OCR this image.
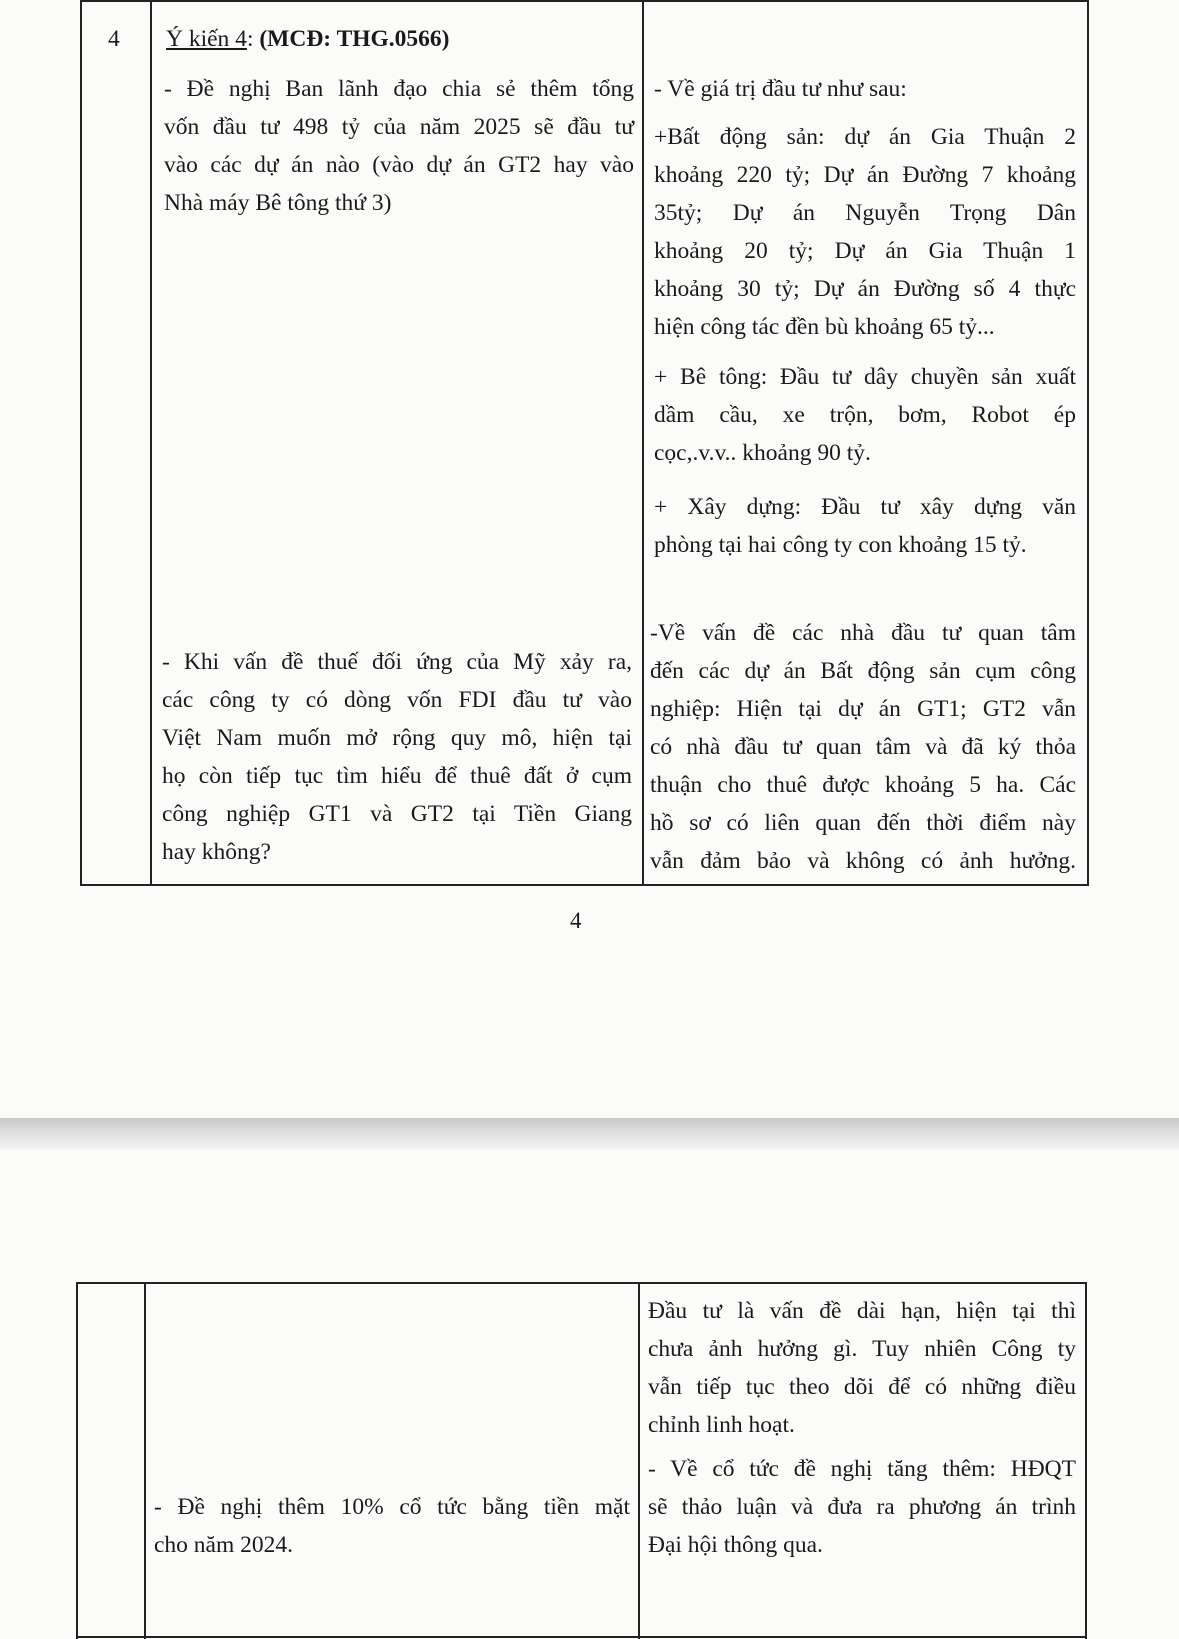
4 Ý kiến 4: (MCĐ: THG.0566)

- Đề nghị Ban lãnh đạo chia sẻ thêm tổng

vốn đầu tư 498 tỷ của năm 2025 sẽ đầu tư

vào các dự án nào (vào dự án GT2 hay vào

Nhà máy Bê tông thứ 3)

- Về giá trị đầu tư như sau:

+Bất động sản: dự án Gia Thuận 2

khoảng 220 tỷ; Dự án Đường 7 khoảng

35tỷ; Dự án Nguyễn Trọng Dân

khoảng 20 tỷ; Dự án Gia Thuận 1

khoảng 30 tỷ; Dự án Đường số 4 thực

hiện công tác đền bù khoảng 65 tỷ...

+ Bê tông: Đầu tư dây chuyền sản xuất

dầm cầu, xe trộn, bơm, Robot ép

cọc,.v.v.. khoảng 90 tỷ.

+ Xây dựng: Đầu tư xây dựng văn

phòng tại hai công ty con khoảng 15 tỷ.

- Khi vấn đề thuế đối ứng của Mỹ xảy ra,

các công ty có dòng vốn FDI đầu tư vào

Việt Nam muốn mở rộng quy mô, hiện tại

họ còn tiếp tục tìm hiểu để thuê đất ở cụm

công nghiệp GT1 và GT2 tại Tiền Giang

hay không?

-Về vấn đề các nhà đầu tư quan tâm

đến các dự án Bất động sản cụm công

nghiệp: Hiện tại dự án GT1; GT2 vẫn

có nhà đầu tư quan tâm và đã ký thỏa

thuận cho thuê được khoảng 5 ha. Các

hồ sơ có liên quan đến thời điểm này

vẫn đảm bảo và không có ảnh hưởng.

4

Đầu tư là vấn đề dài hạn, hiện tại thì

chưa ảnh hưởng gì. Tuy nhiên Công ty

vẫn tiếp tục theo dõi để có những điều

chỉnh linh hoạt.

- Đề nghị thêm 10% cổ tức bằng tiền mặt

cho năm 2024.

- Về cổ tức đề nghị tăng thêm: HĐQT

sẽ thảo luận và đưa ra phương án trình

Đại hội thông qua.
